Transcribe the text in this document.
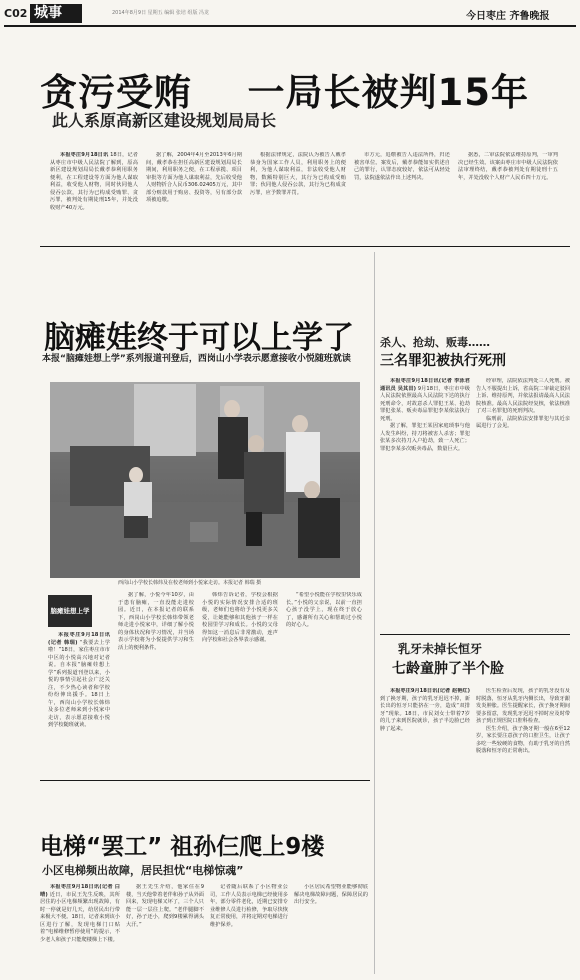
C02 城事	2014年8月9日 星期五 编辑 张培 组版 冯龙	今日枣庄 齐鲁晚报
贪污受贿    一局长被判15年
此人系原高新区建设规划局局长

本报枣庄9月18日讯 18日，记者从枣庄市中级人民法院了解到，原高新区建设规划局局长戴孝恭利用职务便利，在工程建设等方面为他人谋取利益，收受他人财物，同时伙同他人侵吞公款，其行为已构成受贿罪、贪污罪，被判处有期徒刑15年，并处没收财产40万元。

据了解，2004年4月至2013年6月期间，戴孝恭在担任高新区建设规划局局长期间，利用职务之便，在工程承揽、项目审批等方面为他人谋取利益，先后收受他人财物折合人民币306.02405万元，其中部分赃款用于购房、投资等，另有部分款项被追缴。

根据法律规定，法院认为被告人戴孝恭身为国家工作人员，利用职务上的便利，为他人谋取利益，非法收受他人财物，数额特别巨大，其行为已构成受贿罪；伙同他人侵吞公款，其行为已构成贪污罪，应予数罪并罚。

市方元，追缴被告人违法所得，归还被害单位。案发后，戴孝恭能如实供述自己的罪行，认罪态度较好，依法可从轻处罚，法院遂依法作出上述判决。

据悉，二审法院依法维持原判，一审判决已经生效。该案由枣庄市中级人民法院依法审理终结，戴孝恭被判处有期徒刑十五年，并处没收个人财产人民币四十万元。

脑瘫娃终于可以上学了
本报“脑瘫娃想上学”系列报道刊登后，西岗山小学表示愿意接收小悦随班就读
西岗山小学校长韩炜及在校老师到小悦家走访。本报记者 韩瑞 摄
脑瘫娃想上学

本报枣庄9月18日讯(记者 韩瑞) “我要去上学啦！”18日，家住枣庄市市中区的小悦高兴地对记者说。自本报“脑瘫娃想上学”系列报道刊登以来，小悦的事情引起社会广泛关注，不少热心读者和学校纷纷伸出援手。18日上午，西岗山小学校长韩炜及多位老师来到小悦家中走访，表示愿意接收小悦到学校随班就读。

据了解，小悦今年10岁，由于患有脑瘫，一直没能走进校园。近日，在本报记者的联系下，西岗山小学校长韩炜带领老师走进小悦家中，详细了解小悦的身体状况和学习情况，并当场表示学校将为小悦提供学习和生活上的便利条件。

韩炜告诉记者，学校会根据小悦的实际情况安排合适的班级，老师们也将给予小悦更多关爱，让她能够和其他孩子一样在校园里学习和成长。小悦的父母得知这一消息后非常激动，连声向学校和社会各界表示感谢。

“希望小悦能在学校里快乐成长。”小悦的父亲说，以前一直担心孩子没学上，现在终于放心了，感谢所有关心和帮助过小悦的好心人。

电梯“罢工” 祖孙仨爬上9楼
小区电梯频出故障，居民担忧“电梯惊魂”

本报枣庄9月18日讯(记者 白晴) 近日，市民王先生反映，其所居住的小区电梯频繁出现故障，有时一停就是好几天，给居民出行带来极大不便。18日，记者来到该小区进行了解，发现电梯门口贴着“电梯维修暂停使用”的提示，不少老人和孩子只能爬楼梯上下楼。

据王先生介绍，他家住在9楼，当天他带着老伴和孙子从外面回来，发现电梯又坏了，三个人只能一层一层往上爬。“老伴腿脚不好，孙子还小，爬到9楼累得满头大汗。”

记者随后联系了小区物业公司，工作人员表示电梯已经使用多年，部分零件老化，近期已安排专业维修人员进行检修，争取尽快恢复正常使用，并将定期对电梯进行维护保养。

小区居民希望物业能够彻底解决电梯故障问题，保障居民的出行安全。

杀人、抢劫、贩毒……
三名罪犯被执行死刑

本报枣庄9月18日讯(记者 李泳君 通讯员 吴其田) 9月18日，枣庄市中级人民法院依照最高人民法院下达的执行死刑命令，对故意杀人罪犯王某、抢劫罪犯张某、贩卖毒品罪犯李某依法执行死刑。

据了解，罪犯王某因家庭琐事与他人发生纠纷，持刀将被害人杀害；罪犯张某多次持刀入户抢劫，致一人死亡；罪犯李某多次贩卖毒品，数量巨大。

经审理，法院依法判处三人死刑。被告人不服提出上诉，省高院二审裁定驳回上诉、维持原判，并依法报请最高人民法院核准。最高人民法院经复核，依法核准了对三名罪犯的死刑判决。

临刑前，法院依法安排罪犯与其近亲属进行了会见。

乳牙未掉长恒牙
七龄童肿了半个脸

本报枣庄9月18日讯(记者 赵艳红) 到了换牙期，孩子的乳牙迟迟不掉，新长出的恒牙只能挤在一旁，造成“双排牙”现象。18日，市民刘女士带着7岁的儿子来到医院就诊，孩子半边脸已经肿了起来。

医生检查后发现，孩子的乳牙没有及时脱落，恒牙从乳牙内侧长出，导致牙龈发炎肿胀。医生提醒家长，孩子换牙期间要多留意，发现乳牙迟迟不掉时应及时带孩子到正规医院口腔科检查。

医生介绍，孩子换牙期一般在6至12岁，家长要注意孩子的口腔卫生，让孩子多吃一些较硬的食物，有助于乳牙的自然脱落和恒牙的正常萌出。
